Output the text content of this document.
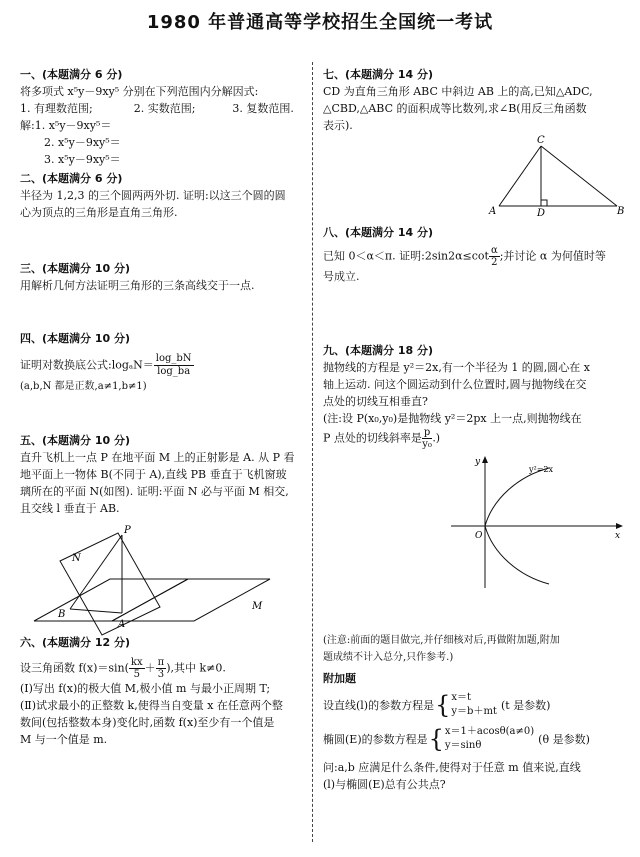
1980 年普通高等学校招生全国统一考试
一、(本题满分 6 分)
将多项式 x⁵y－9xy⁵ 分别在下列范围内分解因式:
1. 有理数范围;	2. 实数范围;	3. 复数范围.
解:1. x⁵y－9xy⁵＝
2. x⁵y－9xy⁵＝
3. x⁵y－9xy⁵＝
二、(本题满分 6 分)
半径为 1,2,3 的三个圆两两外切. 证明:以这三个圆的圆
心为顶点的三角形是直角三角形.
三、(本题满分 10 分)
用解析几何方法证明三角形的三条高线交于一点.
四、(本题满分 10 分)
证明对数换底公式:logₐN＝ $\frac{\log\_bN}{\log\_ba}$
(a,b,N 都是正数,a≠1,b≠1)
五、(本题满分 10 分)
直升飞机上一点 P 在地平面 M 上的正射影是 A. 从 P 看
地平面上一物体 B(不同于 A),直线 PB 垂直于飞机窗玻
璃所在的平面 N(如图). 证明:平面 N 必与平面 M 相交,
且交线 l 垂直于 AB.
P
N
M
B
A
六、(本题满分 12 分)
设三角函数 $f(x)=\sin( \frac{kx}{5} + \frac{\pi}{3}$ ),其中 k≠0.
(Ⅰ)写出 f(x)的极大值 M,极小值 m 与最小正周期 T;
(Ⅱ)试求最小的正整数 k,使得当自变量 x 在任意两个整
数间(包括整数本身)变化时,函数 f(x)至少有一个值是
M 与一个值是 m.
七、(本题满分 14 分)
CD 为直角三角形 ABC 中斜边 AB 上的高,已知△ADC,
△CBD,△ABC 的面积成等比数列,求∠B(用反三角函数
表示).
C
A	D	B
八、(本题满分 14 分)
已知 0＜α＜π. 证明:2sin2α≤cot $\frac{\alpha}{2}$ ;并讨论 α 为何值时等
号成立.
九、(本题满分 18 分)
抛物线的方程是 y²＝2x,有一个半径为 1 的圆,圆心在 x
轴上运动. 问这个圆运动到什么位置时,圆与抛物线在交
点处的切线互相垂直?
(注:设 P(x₀,y₀)是抛物线 y²＝2px 上一点,则抛物线在
P 点处的切线斜率是 $\frac{p}{\text{y₀}}$ .)
y
x
O
y²=2x
(注意:前面的题目做完,并仔细核对后,再做附加题,附加
题成绩不计入总分,只作参考.)
附加题
设直线(l)的参数方程是 { x＝t
y＝b＋mt (t 是参数)
椭圆(E)的参数方程是 { x＝1＋acosθ(a≠0)
y＝sinθ	(θ 是参数)
问:a,b 应满足什么条件,使得对于任意 m 值来说,直线
(l)与椭圆(E)总有公共点?
